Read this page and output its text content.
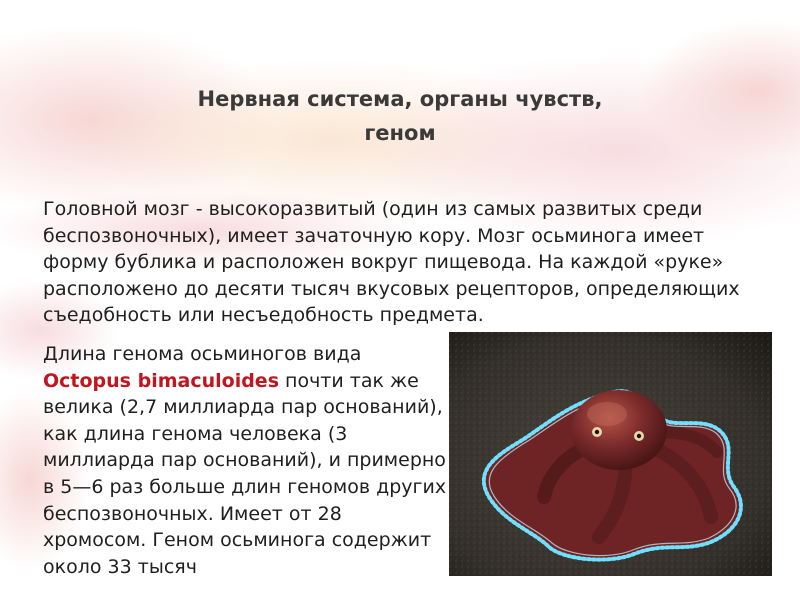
Нервная система, органы чувств,
геном

Головной мозг - высокоразвитый (один из самых развитых среди беспозвоночных), имеет зачаточную кору. Мозг осьминога имеет форму бублика и расположен вокруг пищевода. На каждой «руке» расположено до десяти тысяч вкусовых рецепторов, определяющих съедобность или несъедобность предмета.

Длина генома осьминогов вида Octopus bimaculoides почти так же велика (2,7 миллиарда пар оснований), как длина генома человека (3 миллиарда пар оснований), и примерно в 5—6 раз больше длин геномов других беспозвоночных. Имеет от 28 хромосом. Геном осьминога содержит около 33 тысяч
